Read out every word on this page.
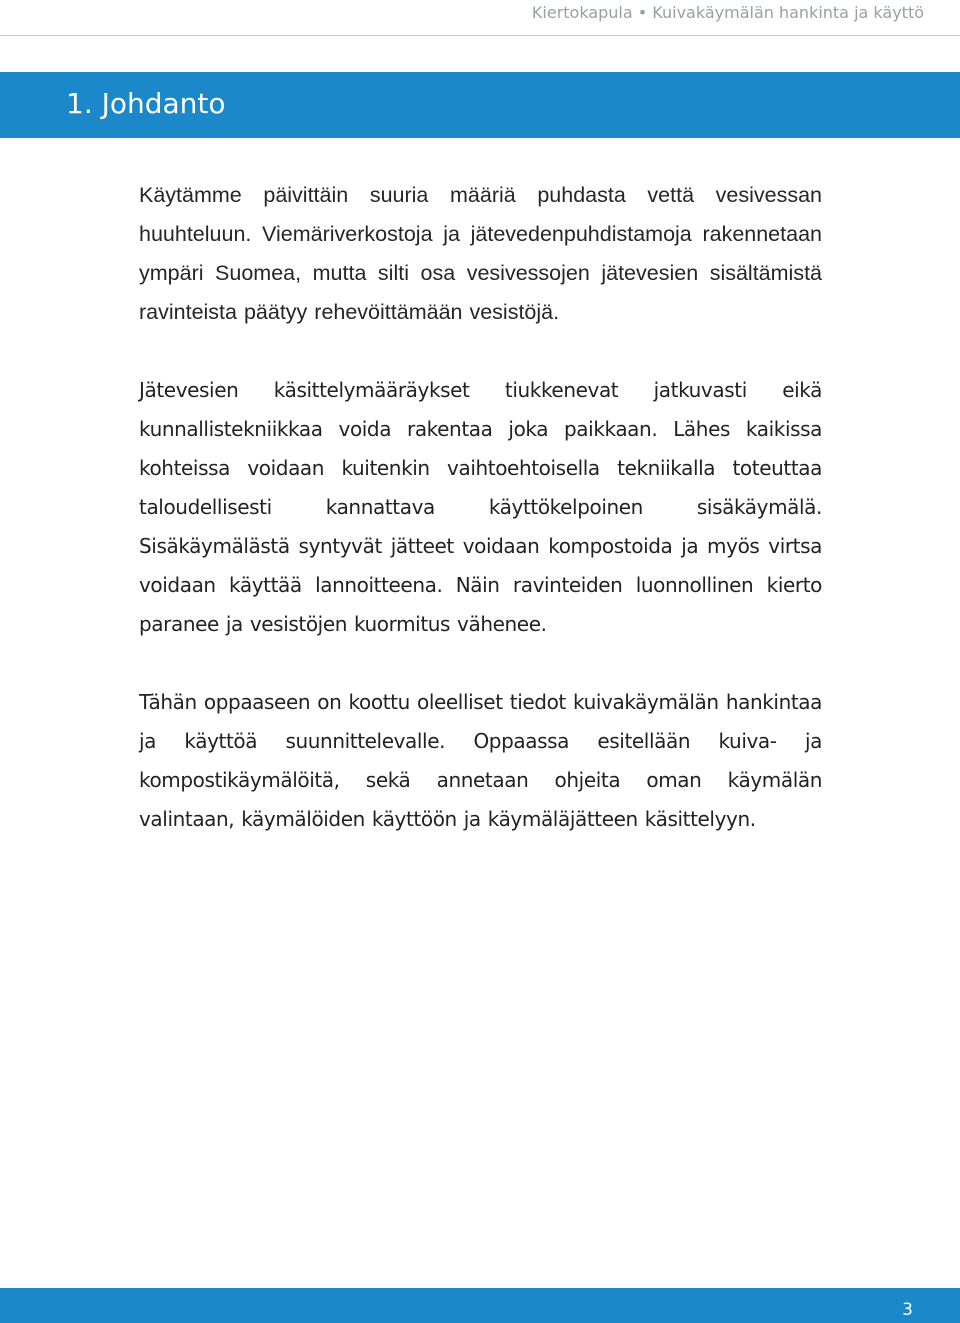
Kiertokapula • Kuivakäymälän hankinta ja käyttö
1. Johdanto

Käytämme päivittäin suuria määriä puhdasta vettä vesivessan huuhteluun. Viemäriverkostoja ja jätevedenpuhdistamoja rakennetaan ympäri Suomea, mutta silti osa vesivessojen jätevesien sisältämistä ravinteista päätyy rehevöittämään vesistöjä.

Jätevesien käsittelymääräykset tiukkenevat jatkuvasti eikä kunnallistekniikkaa voida rakentaa joka paikkaan. Lähes kaikissa kohteissa voidaan kuitenkin vaihtoehtoisella tekniikalla toteuttaa taloudellisesti kannattava käyttökelpoinen sisäkäymälä. Sisäkäymälästä syntyvät jätteet voidaan kompostoida ja myös virtsa voidaan käyttää lannoitteena. Näin ravinteiden luonnollinen kierto paranee ja vesistöjen kuormitus vähenee.

Tähän oppaaseen on koottu oleelliset tiedot kuivakäymälän hankintaa ja käyttöä suunnittelevalle. Oppaassa esitellään kuiva- ja kompostikäymälöitä, sekä annetaan ohjeita oman käymälän valintaan, käymälöiden käyttöön ja käymäläjätteen käsittelyyn.

3
